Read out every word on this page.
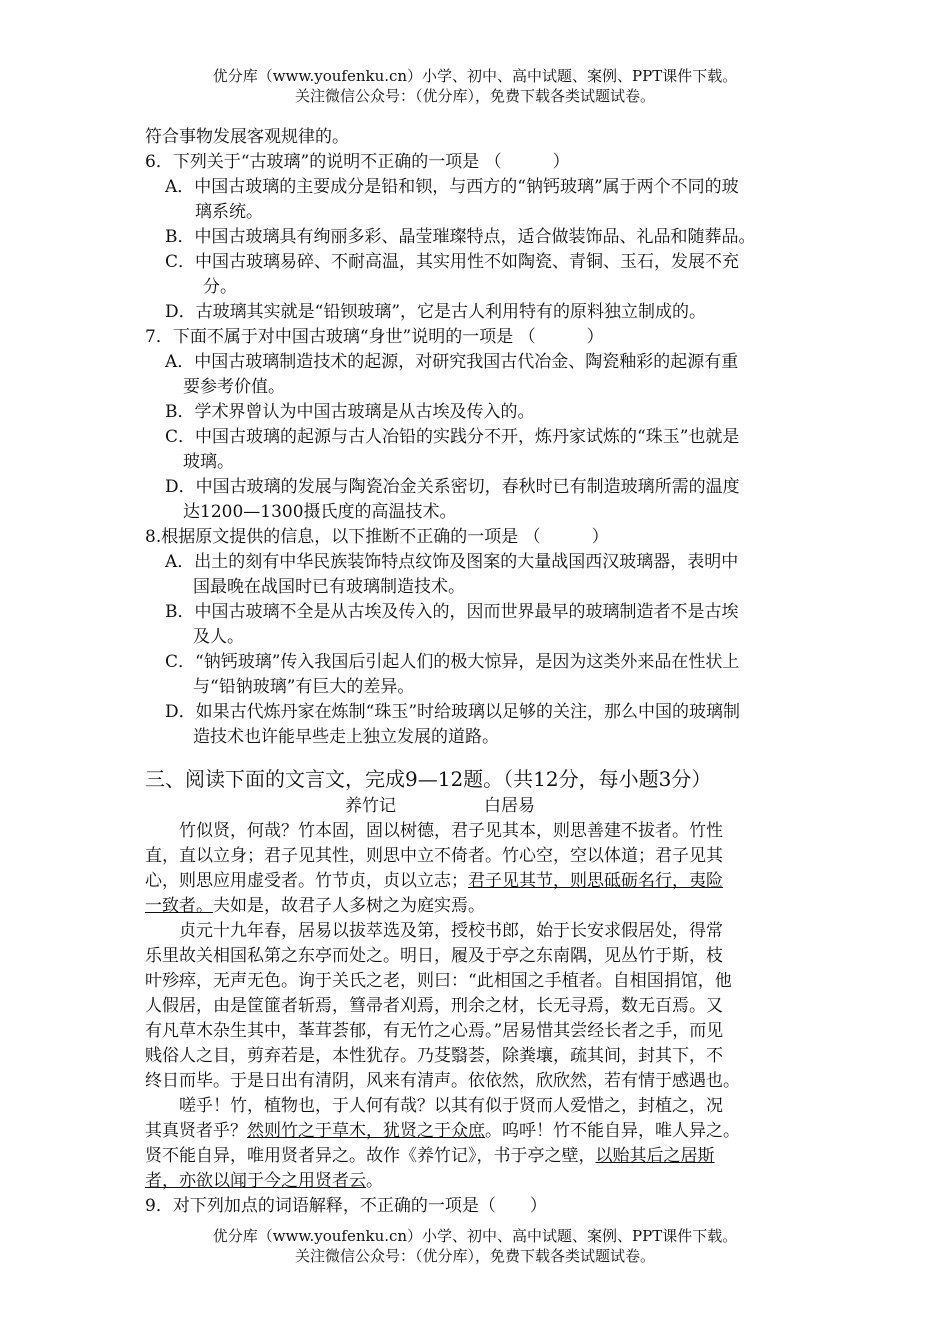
优分库（www.youfenku.cn）小学、初中、高中试题、案例、PPT课件下载。
关注微信公众号：（优分库），免费下载各类试题试卷。

符合事物发展客观规律的。

6．下列关于“古玻璃”的说明不正确的一项是 （　　　）

A．中国古玻璃的主要成分是铅和钡，与西方的“钠钙玻璃”属于两个不同的玻

璃系统。

B．中国古玻璃具有绚丽多彩、晶莹璀璨特点，适合做装饰品、礼品和随葬品。

C．中国古玻璃易碎、不耐高温，其实用性不如陶瓷、青铜、玉石，发展不充

分。

D．古玻璃其实就是“铅钡玻璃”，它是古人利用特有的原料独立制成的。

7．下面不属于对中国古玻璃“身世”说明的一项是 （　　　）

A．中国古玻璃制造技术的起源，对研究我国古代冶金、陶瓷釉彩的起源有重

要参考价值。

B．学术界曾认为中国古玻璃是从古埃及传入的。

C．中国古玻璃的起源与古人冶铅的实践分不开，炼丹家试炼的“珠玉”也就是

玻璃。

D．中国古玻璃的发展与陶瓷冶金关系密切，春秋时已有制造玻璃所需的温度

达1200—1300摄氏度的高温技术。

8.根据原文提供的信息，以下推断不正确的一项是 （　　　）

A．出土的刻有中华民族装饰特点纹饰及图案的大量战国西汉玻璃器，表明中

国最晚在战国时已有玻璃制造技术。

B．中国古玻璃不全是从古埃及传入的，因而世界最早的玻璃制造者不是古埃

及人。

C．“钠钙玻璃”传入我国后引起人们的极大惊异，是因为这类外来品在性状上

与“铅钠玻璃”有巨大的差异。

D．如果古代炼丹家在炼制“珠玉”时给玻璃以足够的关注，那么中国的玻璃制

造技术也许能早些走上独立发展的道路。

三、阅读下面的文言文，完成9—12题。（共12分，每小题3分）

养竹记	白居易

竹似贤，何哉？竹本固，固以树德，君子见其本，则思善建不拔者。竹性

直，直以立身；君子见其性，则思中立不倚者。竹心空，空以体道；君子见其

心，则思应用虚受者。竹节贞，贞以立志；君子见其节，则思砥砺名行，夷险

一致者。夫如是，故君子人多树之为庭实焉。

贞元十九年春，居易以拔萃选及第，授校书郎，始于长安求假居处，得常

乐里故关相国私第之东亭而处之。明日，履及于亭之东南隅，见丛竹于斯，枝

叶殄瘁，无声无色。询于关氏之老，则曰：“此相国之手植者。自相国捐馆，他

人假居，由是筐篚者斩焉，篲帚者刈焉，刑余之材，长无寻焉，数无百焉。又

有凡草木杂生其中，莑茸荟郁，有无竹之心焉。”居易惜其尝经长者之手，而见

贱俗人之目，剪弃若是，本性犹存。乃芟翳荟，除粪壤，疏其间，封其下，不

终日而毕。于是日出有清阴，风来有清声。依依然，欣欣然，若有情于感遇也。

嗟乎！竹，植物也，于人何有哉？以其有似于贤而人爱惜之，封植之，况

其真贤者乎？然则竹之于草木，犹贤之于众庶。呜呼！竹不能自异，唯人异之。

贤不能自异，唯用贤者异之。故作《养竹记》，书于亭之壁，以贻其后之居斯

者，亦欲以闻于今之用贤者云。

9．对下列加点的词语解释，不正确的一项是（　　）

优分库（www.youfenku.cn）小学、初中、高中试题、案例、PPT课件下载。
关注微信公众号：（优分库），免费下载各类试题试卷。
